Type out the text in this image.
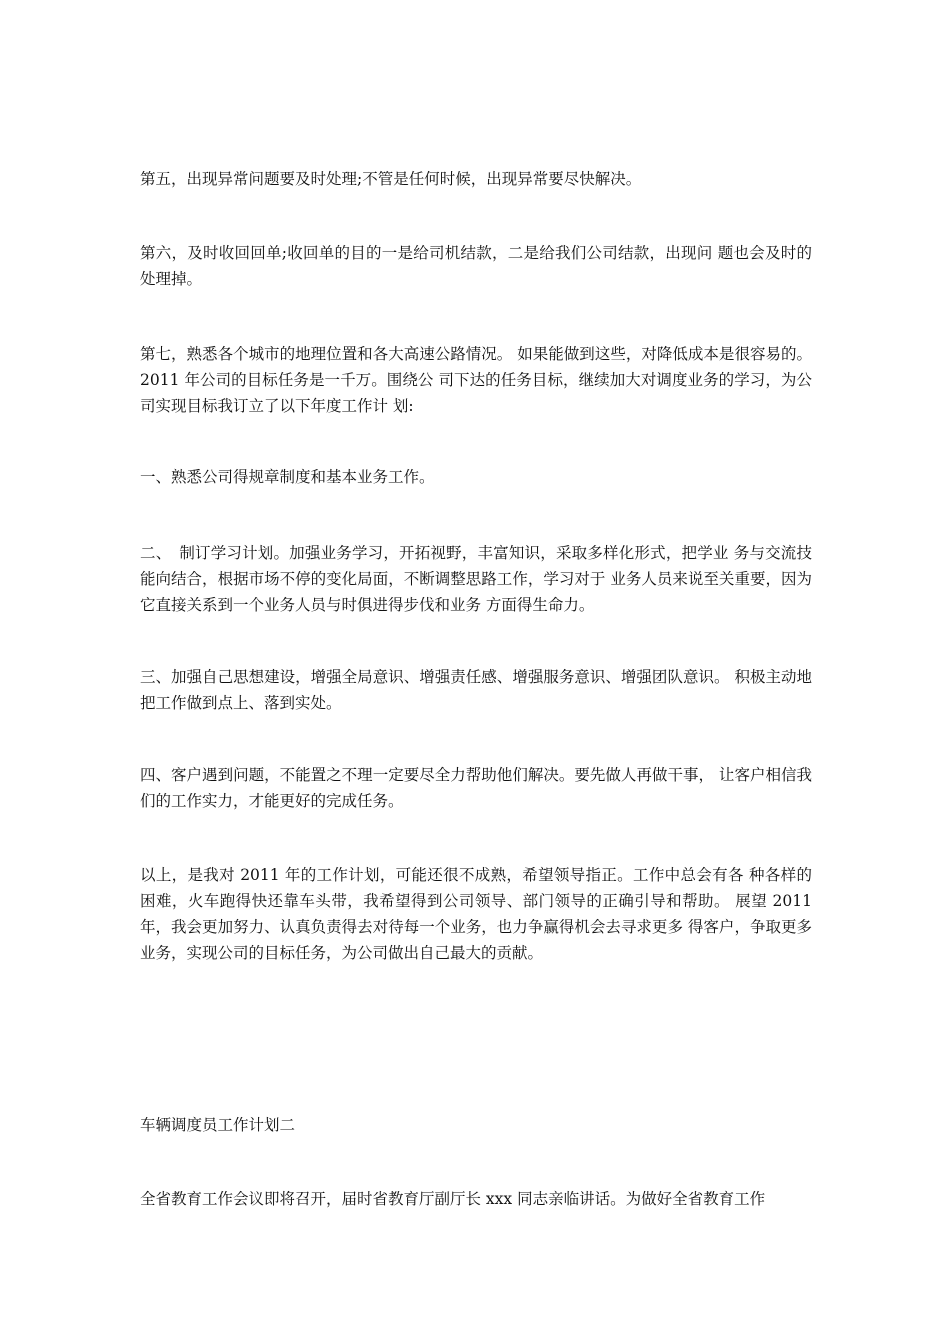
第五，出现异常问题要及时处理;不管是任何时候，出现异常要尽快解决。

第六，及时收回回单;收回单的目的一是给司机结款，二是给我们公司结款，出现问 题也会及时的处理掉。

第七，熟悉各个城市的地理位置和各大高速公路情况。 如果能做到这些，对降低成本是很容易的。2011 年公司的目标任务是一千万。围绕公 司下达的任务目标，继续加大对调度业务的学习，为公司实现目标我订立了以下年度工作计 划:

一、熟悉公司得规章制度和基本业务工作。

二、　制订学习计划。加强业务学习，开拓视野，丰富知识，采取多样化形式，把学业 务与交流技能向结合，根据市场不停的变化局面，不断调整思路工作，学习对于 业务人员来说至关重要，因为它直接关系到一个业务人员与时俱进得步伐和业务 方面得生命力。

三、加强自己思想建设，增强全局意识、增强责任感、增强服务意识、增强团队意识。 积极主动地把工作做到点上、落到实处。

四、客户遇到问题，不能置之不理一定要尽全力帮助他们解决。要先做人再做干事， 让客户相信我们的工作实力，才能更好的完成任务。

以上，是我对 2011 年的工作计划，可能还很不成熟，希望领导指正。工作中总会有各 种各样的困难，火车跑得快还靠车头带，我希望得到公司领导、部门领导的正确引导和帮助。 展望 2011 年，我会更加努力、认真负责得去对待每一个业务，也力争赢得机会去寻求更多 得客户，争取更多业务，实现公司的目标任务，为公司做出自己最大的贡献。

车辆调度员工作计划二

全省教育工作会议即将召开，届时省教育厅副厅长 xxx 同志亲临讲话。为做好全省教育工作
